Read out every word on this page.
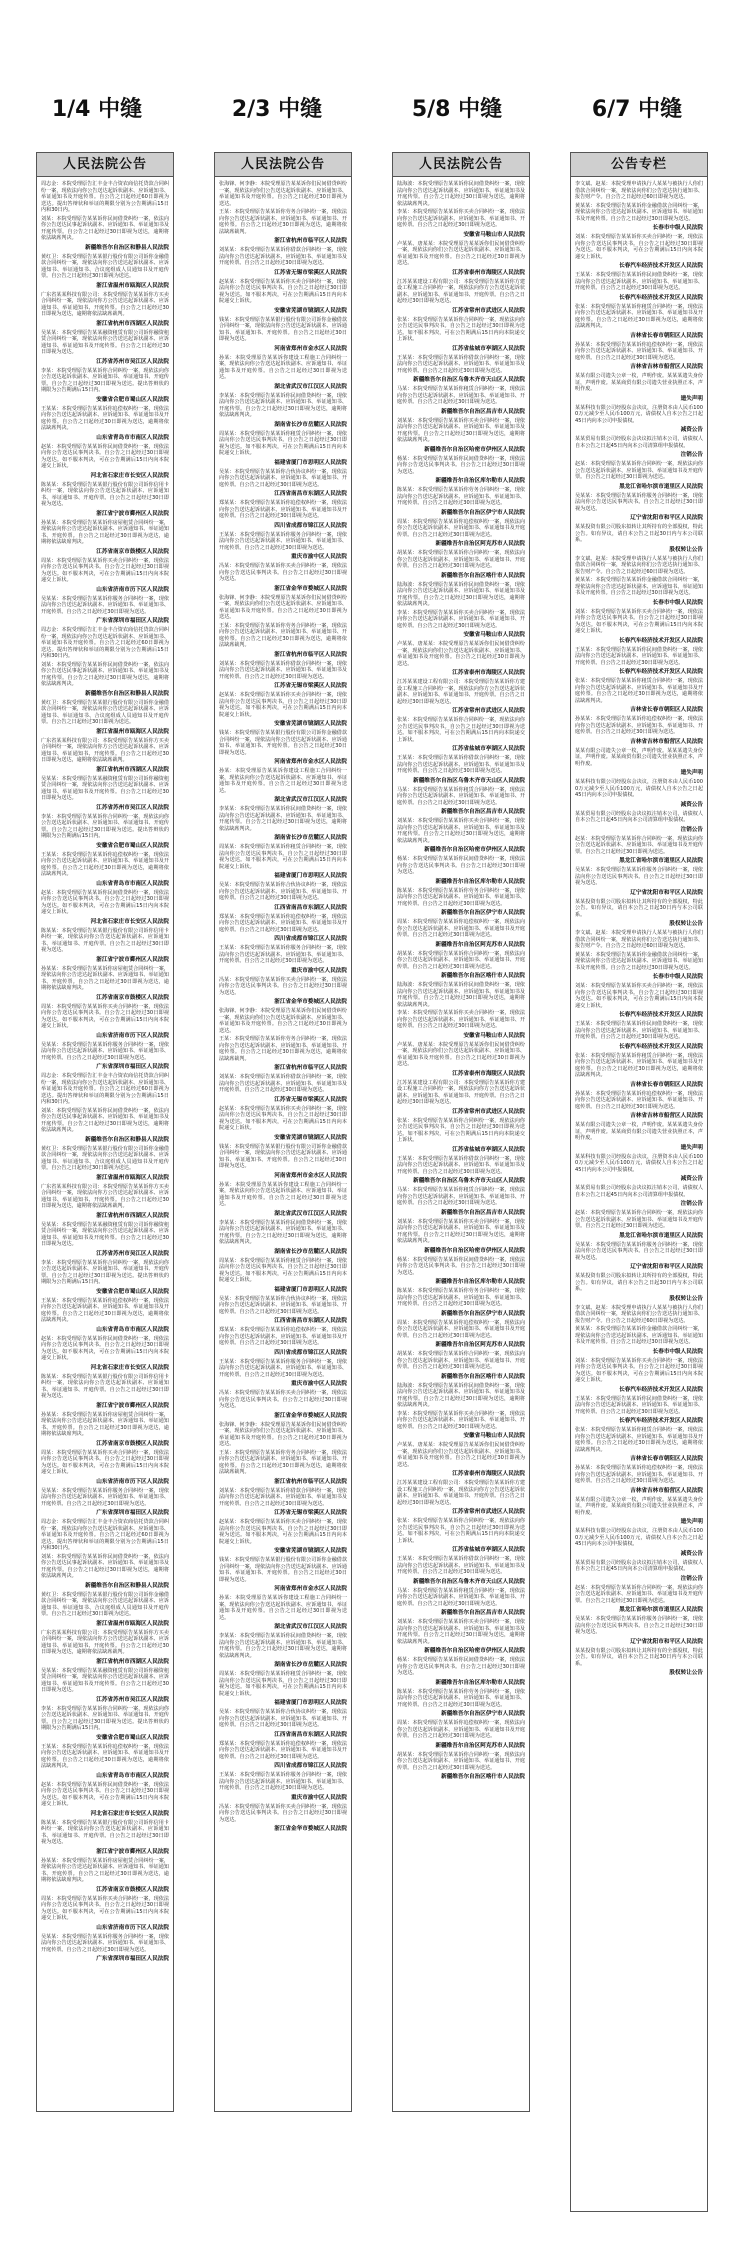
1/4 中缝	2/3 中缝	5/8 中缝	6/7 中缝
人民法院公告
周志金：本院受理原告汇丰金丰合资农商信托贷款合同纠纷一案，现依法向你公告送达起诉状副本、应诉通知书、举证通知书及开庭传票。自公告之日起经过60日即视为送达。提出答辩状和举证的期限分别为公告期满后15日内和30日内。
刘某：本院受理原告某某诉你民间借贷纠纷一案，依法向你公告送达民事起诉状副本、应诉通知书、举证通知书及开庭传票。自公告之日起经过30日即视为送达，逾期将依法缺席判决。
新疆维吾尔自治区和静县人民法院
黄红卫：本院受理原告某某银行股份有限公司诉你金融借款合同纠纷一案，现依法向你公告送达起诉状副本、应诉通知书、举证通知书、合议庭组成人员通知书及开庭传票。自公告之日起经过30日即视为送达。
浙江省温州市瓯海区人民法院
广东省某某科技有限公司：本院受理原告某某诉你方买卖合同纠纷一案，现依法向你方公告送达起诉状副本、应诉通知书、举证通知书、开庭传票。自公告之日起经过30日即视为送达，逾期将依法缺席裁判。
浙江省杭州市西湖区人民法院
吴某某：本院受理原告某某融资租赁有限公司诉你融资租赁合同纠纷一案，现依法向你公告送达起诉状副本、应诉通知书、举证通知书及开庭传票。自公告之日起经过30日即视为送达。
江苏省苏州市吴江区人民法院
李某：本院受理原告某某诉你合同纠纷一案，现依法向你公告送达起诉状副本、应诉通知书、举证通知书、开庭传票。自公告之日起经过30日即视为送达。提出答辩状的期限为公告期满后15日内。
安徽省合肥市蜀山区人民法院
王某某：本院受理原告某某诉你追偿权纠纷一案，现依法向你公告送达起诉状副本、应诉通知书、举证通知书及开庭传票。自公告之日起经过30日即视为送达，逾期将依法缺席判决。
山东省青岛市市南区人民法院
赵某：本院受理原告某某诉你民间借贷纠纷一案，现依法向你公告送达民事判决书。自公告之日起经过30日即视为送达。如不服本判决，可在公告期满后15日内向本院递交上诉状。
河北省石家庄市长安区人民法院
陈某某：本院受理原告某某银行股份有限公司诉你信用卡纠纷一案，现依法向你公告送达起诉状副本、应诉通知书、举证通知书、开庭传票。自公告之日起经过30日即视为送达。
浙江省宁波市鄞州区人民法院
孙某某：本院受理原告某某诉你房屋租赁合同纠纷一案，现依法向你公告送达起诉状副本、应诉通知书、举证通知书、开庭传票。自公告之日起经过30日即视为送达，逾期将依法缺席判决。
江苏省南京市鼓楼区人民法院
周某：本院受理原告某某诉你买卖合同纠纷一案，现依法向你公告送达民事判决书。自公告之日起经过30日即视为送达。如不服本判决，可在公告期满后15日内向本院递交上诉状。
山东省济南市历下区人民法院
吴某某：本院受理原告某某诉你服务合同纠纷一案，现依法向你公告送达起诉状副本、应诉通知书、举证通知书、开庭传票。自公告之日起经过30日即视为送达。
广东省深圳市福田区人民法院
周志金：本院受理原告汇丰金丰合资农商信托贷款合同纠纷一案，现依法向你公告送达起诉状副本、应诉通知书、举证通知书及开庭传票。自公告之日起经过60日即视为送达。提出答辩状和举证的期限分别为公告期满后15日内和30日内。
刘某：本院受理原告某某诉你民间借贷纠纷一案，依法向你公告送达民事起诉状副本、应诉通知书、举证通知书及开庭传票。自公告之日起经过30日即视为送达，逾期将依法缺席判决。
新疆维吾尔自治区和静县人民法院
黄红卫：本院受理原告某某银行股份有限公司诉你金融借款合同纠纷一案，现依法向你公告送达起诉状副本、应诉通知书、举证通知书、合议庭组成人员通知书及开庭传票。自公告之日起经过30日即视为送达。
浙江省温州市瓯海区人民法院
广东省某某科技有限公司：本院受理原告某某诉你方买卖合同纠纷一案，现依法向你方公告送达起诉状副本、应诉通知书、举证通知书、开庭传票。自公告之日起经过30日即视为送达，逾期将依法缺席裁判。
浙江省杭州市西湖区人民法院
吴某某：本院受理原告某某融资租赁有限公司诉你融资租赁合同纠纷一案，现依法向你公告送达起诉状副本、应诉通知书、举证通知书及开庭传票。自公告之日起经过30日即视为送达。
江苏省苏州市吴江区人民法院
李某：本院受理原告某某诉你合同纠纷一案，现依法向你公告送达起诉状副本、应诉通知书、举证通知书、开庭传票。自公告之日起经过30日即视为送达。提出答辩状的期限为公告期满后15日内。
安徽省合肥市蜀山区人民法院
王某某：本院受理原告某某诉你追偿权纠纷一案，现依法向你公告送达起诉状副本、应诉通知书、举证通知书及开庭传票。自公告之日起经过30日即视为送达，逾期将依法缺席判决。
山东省青岛市市南区人民法院
赵某：本院受理原告某某诉你民间借贷纠纷一案，现依法向你公告送达民事判决书。自公告之日起经过30日即视为送达。如不服本判决，可在公告期满后15日内向本院递交上诉状。
河北省石家庄市长安区人民法院
陈某某：本院受理原告某某银行股份有限公司诉你信用卡纠纷一案，现依法向你公告送达起诉状副本、应诉通知书、举证通知书、开庭传票。自公告之日起经过30日即视为送达。
浙江省宁波市鄞州区人民法院
孙某某：本院受理原告某某诉你房屋租赁合同纠纷一案，现依法向你公告送达起诉状副本、应诉通知书、举证通知书、开庭传票。自公告之日起经过30日即视为送达，逾期将依法缺席判决。
江苏省南京市鼓楼区人民法院
周某：本院受理原告某某诉你买卖合同纠纷一案，现依法向你公告送达民事判决书。自公告之日起经过30日即视为送达。如不服本判决，可在公告期满后15日内向本院递交上诉状。
山东省济南市历下区人民法院
吴某某：本院受理原告某某诉你服务合同纠纷一案，现依法向你公告送达起诉状副本、应诉通知书、举证通知书、开庭传票。自公告之日起经过30日即视为送达。
广东省深圳市福田区人民法院
周志金：本院受理原告汇丰金丰合资农商信托贷款合同纠纷一案，现依法向你公告送达起诉状副本、应诉通知书、举证通知书及开庭传票。自公告之日起经过60日即视为送达。提出答辩状和举证的期限分别为公告期满后15日内和30日内。
刘某：本院受理原告某某诉你民间借贷纠纷一案，依法向你公告送达民事起诉状副本、应诉通知书、举证通知书及开庭传票。自公告之日起经过30日即视为送达，逾期将依法缺席判决。
新疆维吾尔自治区和静县人民法院
黄红卫：本院受理原告某某银行股份有限公司诉你金融借款合同纠纷一案，现依法向你公告送达起诉状副本、应诉通知书、举证通知书、合议庭组成人员通知书及开庭传票。自公告之日起经过30日即视为送达。
浙江省温州市瓯海区人民法院
广东省某某科技有限公司：本院受理原告某某诉你方买卖合同纠纷一案，现依法向你方公告送达起诉状副本、应诉通知书、举证通知书、开庭传票。自公告之日起经过30日即视为送达，逾期将依法缺席裁判。
浙江省杭州市西湖区人民法院
吴某某：本院受理原告某某融资租赁有限公司诉你融资租赁合同纠纷一案，现依法向你公告送达起诉状副本、应诉通知书、举证通知书及开庭传票。自公告之日起经过30日即视为送达。
江苏省苏州市吴江区人民法院
李某：本院受理原告某某诉你合同纠纷一案，现依法向你公告送达起诉状副本、应诉通知书、举证通知书、开庭传票。自公告之日起经过30日即视为送达。提出答辩状的期限为公告期满后15日内。
安徽省合肥市蜀山区人民法院
王某某：本院受理原告某某诉你追偿权纠纷一案，现依法向你公告送达起诉状副本、应诉通知书、举证通知书及开庭传票。自公告之日起经过30日即视为送达，逾期将依法缺席判决。
山东省青岛市市南区人民法院
赵某：本院受理原告某某诉你民间借贷纠纷一案，现依法向你公告送达民事判决书。自公告之日起经过30日即视为送达。如不服本判决，可在公告期满后15日内向本院递交上诉状。
河北省石家庄市长安区人民法院
陈某某：本院受理原告某某银行股份有限公司诉你信用卡纠纷一案，现依法向你公告送达起诉状副本、应诉通知书、举证通知书、开庭传票。自公告之日起经过30日即视为送达。
浙江省宁波市鄞州区人民法院
孙某某：本院受理原告某某诉你房屋租赁合同纠纷一案，现依法向你公告送达起诉状副本、应诉通知书、举证通知书、开庭传票。自公告之日起经过30日即视为送达，逾期将依法缺席判决。
江苏省南京市鼓楼区人民法院
周某：本院受理原告某某诉你买卖合同纠纷一案，现依法向你公告送达民事判决书。自公告之日起经过30日即视为送达。如不服本判决，可在公告期满后15日内向本院递交上诉状。
山东省济南市历下区人民法院
吴某某：本院受理原告某某诉你服务合同纠纷一案，现依法向你公告送达起诉状副本、应诉通知书、举证通知书、开庭传票。自公告之日起经过30日即视为送达。
广东省深圳市福田区人民法院
周志金：本院受理原告汇丰金丰合资农商信托贷款合同纠纷一案，现依法向你公告送达起诉状副本、应诉通知书、举证通知书及开庭传票。自公告之日起经过60日即视为送达。提出答辩状和举证的期限分别为公告期满后15日内和30日内。
刘某：本院受理原告某某诉你民间借贷纠纷一案，依法向你公告送达民事起诉状副本、应诉通知书、举证通知书及开庭传票。自公告之日起经过30日即视为送达，逾期将依法缺席判决。
新疆维吾尔自治区和静县人民法院
黄红卫：本院受理原告某某银行股份有限公司诉你金融借款合同纠纷一案，现依法向你公告送达起诉状副本、应诉通知书、举证通知书、合议庭组成人员通知书及开庭传票。自公告之日起经过30日即视为送达。
浙江省温州市瓯海区人民法院
广东省某某科技有限公司：本院受理原告某某诉你方买卖合同纠纷一案，现依法向你方公告送达起诉状副本、应诉通知书、举证通知书、开庭传票。自公告之日起经过30日即视为送达，逾期将依法缺席裁判。
浙江省杭州市西湖区人民法院
吴某某：本院受理原告某某融资租赁有限公司诉你融资租赁合同纠纷一案，现依法向你公告送达起诉状副本、应诉通知书、举证通知书及开庭传票。自公告之日起经过30日即视为送达。
江苏省苏州市吴江区人民法院
李某：本院受理原告某某诉你合同纠纷一案，现依法向你公告送达起诉状副本、应诉通知书、举证通知书、开庭传票。自公告之日起经过30日即视为送达。提出答辩状的期限为公告期满后15日内。
安徽省合肥市蜀山区人民法院
王某某：本院受理原告某某诉你追偿权纠纷一案，现依法向你公告送达起诉状副本、应诉通知书、举证通知书及开庭传票。自公告之日起经过30日即视为送达，逾期将依法缺席判决。
山东省青岛市市南区人民法院
赵某：本院受理原告某某诉你民间借贷纠纷一案，现依法向你公告送达民事判决书。自公告之日起经过30日即视为送达。如不服本判决，可在公告期满后15日内向本院递交上诉状。
河北省石家庄市长安区人民法院
陈某某：本院受理原告某某银行股份有限公司诉你信用卡纠纷一案，现依法向你公告送达起诉状副本、应诉通知书、举证通知书、开庭传票。自公告之日起经过30日即视为送达。
浙江省宁波市鄞州区人民法院
孙某某：本院受理原告某某诉你房屋租赁合同纠纷一案，现依法向你公告送达起诉状副本、应诉通知书、举证通知书、开庭传票。自公告之日起经过30日即视为送达，逾期将依法缺席判决。
江苏省南京市鼓楼区人民法院
周某：本院受理原告某某诉你买卖合同纠纷一案，现依法向你公告送达民事判决书。自公告之日起经过30日即视为送达。如不服本判决，可在公告期满后15日内向本院递交上诉状。
山东省济南市历下区人民法院
吴某某：本院受理原告某某诉你服务合同纠纷一案，现依法向你公告送达起诉状副本、应诉通知书、举证通知书、开庭传票。自公告之日起经过30日即视为送达。
广东省深圳市福田区人民法院
人民法院公告
张海锋、何李静：本院受理原告某某诉你们民间借贷纠纷一案，现依法向你们公告送达起诉状副本、应诉通知书、举证通知书及开庭传票。自公告之日起经过30日即视为送达。
王某：本院受理原告某某诉你劳务合同纠纷一案，现依法向你公告送达起诉状副本、应诉通知书、举证通知书、开庭传票。自公告之日起经过30日即视为送达，逾期将依法缺席裁判。
浙江省杭州市临平区人民法院
刘某某：本院受理原告某某诉你借款合同纠纷一案，现依法向你公告送达起诉状副本、应诉通知书、举证通知书及开庭传票。自公告之日起经过30日即视为送达。
江苏省无锡市梁溪区人民法院
赵某某：本院受理原告某某诉你买卖合同纠纷一案，现依法向你公告送达民事判决书。自公告之日起经过30日即视为送达。如不服本判决，可在公告期满后15日内向本院递交上诉状。
安徽省芜湖市镜湖区人民法院
钱某：本院受理原告某某银行股份有限公司诉你金融借款合同纠纷一案，现依法向你公告送达起诉状副本、应诉通知书、举证通知书、开庭传票。自公告之日起经过30日即视为送达。
河南省郑州市金水区人民法院
孙某：本院受理原告某某诉你建设工程施工合同纠纷一案，现依法向你公告送达起诉状副本、应诉通知书、举证通知书及开庭传票。自公告之日起经过30日即视为送达。
湖北省武汉市江汉区人民法院
李某某：本院受理原告某某诉你民间借贷纠纷一案，现依法向你公告送达起诉状副本、应诉通知书、举证通知书、开庭传票。自公告之日起经过30日即视为送达，逾期将依法缺席判决。
湖南省长沙市岳麓区人民法院
周某某：本院受理原告某某诉你租赁合同纠纷一案，现依法向你公告送达民事判决书。自公告之日起经过30日即视为送达。如不服本判决，可在公告期满后15日内向本院递交上诉状。
福建省厦门市思明区人民法院
吴某：本院受理原告某某诉你合伙协议纠纷一案，现依法向你公告送达起诉状副本、应诉通知书、举证通知书、开庭传票。自公告之日起经过30日即视为送达。
江西省南昌市东湖区人民法院
郑某某：本院受理原告某某诉你追偿权纠纷一案，现依法向你公告送达起诉状副本、应诉通知书、举证通知书及开庭传票。自公告之日起经过30日即视为送达。
四川省成都市锦江区人民法院
王某某：本院受理原告某某诉你服务合同纠纷一案，现依法向你公告送达起诉状副本、应诉通知书、举证通知书、开庭传票。自公告之日起经过30日即视为送达。
重庆市渝中区人民法院
冯某：本院受理原告某某诉你买卖合同纠纷一案，现依法向你公告送达民事判决书。自公告之日起经过30日即视为送达。
浙江省金华市婺城区人民法院
张海锋、何李静：本院受理原告某某诉你们民间借贷纠纷一案，现依法向你们公告送达起诉状副本、应诉通知书、举证通知书及开庭传票。自公告之日起经过30日即视为送达。
王某：本院受理原告某某诉你劳务合同纠纷一案，现依法向你公告送达起诉状副本、应诉通知书、举证通知书、开庭传票。自公告之日起经过30日即视为送达，逾期将依法缺席裁判。
浙江省杭州市临平区人民法院
刘某某：本院受理原告某某诉你借款合同纠纷一案，现依法向你公告送达起诉状副本、应诉通知书、举证通知书及开庭传票。自公告之日起经过30日即视为送达。
江苏省无锡市梁溪区人民法院
赵某某：本院受理原告某某诉你买卖合同纠纷一案，现依法向你公告送达民事判决书。自公告之日起经过30日即视为送达。如不服本判决，可在公告期满后15日内向本院递交上诉状。
安徽省芜湖市镜湖区人民法院
钱某：本院受理原告某某银行股份有限公司诉你金融借款合同纠纷一案，现依法向你公告送达起诉状副本、应诉通知书、举证通知书、开庭传票。自公告之日起经过30日即视为送达。
河南省郑州市金水区人民法院
孙某：本院受理原告某某诉你建设工程施工合同纠纷一案，现依法向你公告送达起诉状副本、应诉通知书、举证通知书及开庭传票。自公告之日起经过30日即视为送达。
湖北省武汉市江汉区人民法院
李某某：本院受理原告某某诉你民间借贷纠纷一案，现依法向你公告送达起诉状副本、应诉通知书、举证通知书、开庭传票。自公告之日起经过30日即视为送达，逾期将依法缺席判决。
湖南省长沙市岳麓区人民法院
周某某：本院受理原告某某诉你租赁合同纠纷一案，现依法向你公告送达民事判决书。自公告之日起经过30日即视为送达。如不服本判决，可在公告期满后15日内向本院递交上诉状。
福建省厦门市思明区人民法院
吴某：本院受理原告某某诉你合伙协议纠纷一案，现依法向你公告送达起诉状副本、应诉通知书、举证通知书、开庭传票。自公告之日起经过30日即视为送达。
江西省南昌市东湖区人民法院
郑某某：本院受理原告某某诉你追偿权纠纷一案，现依法向你公告送达起诉状副本、应诉通知书、举证通知书及开庭传票。自公告之日起经过30日即视为送达。
四川省成都市锦江区人民法院
王某某：本院受理原告某某诉你服务合同纠纷一案，现依法向你公告送达起诉状副本、应诉通知书、举证通知书、开庭传票。自公告之日起经过30日即视为送达。
重庆市渝中区人民法院
冯某：本院受理原告某某诉你买卖合同纠纷一案，现依法向你公告送达民事判决书。自公告之日起经过30日即视为送达。
浙江省金华市婺城区人民法院
张海锋、何李静：本院受理原告某某诉你们民间借贷纠纷一案，现依法向你们公告送达起诉状副本、应诉通知书、举证通知书及开庭传票。自公告之日起经过30日即视为送达。
王某：本院受理原告某某诉你劳务合同纠纷一案，现依法向你公告送达起诉状副本、应诉通知书、举证通知书、开庭传票。自公告之日起经过30日即视为送达，逾期将依法缺席裁判。
浙江省杭州市临平区人民法院
刘某某：本院受理原告某某诉你借款合同纠纷一案，现依法向你公告送达起诉状副本、应诉通知书、举证通知书及开庭传票。自公告之日起经过30日即视为送达。
江苏省无锡市梁溪区人民法院
赵某某：本院受理原告某某诉你买卖合同纠纷一案，现依法向你公告送达民事判决书。自公告之日起经过30日即视为送达。如不服本判决，可在公告期满后15日内向本院递交上诉状。
安徽省芜湖市镜湖区人民法院
钱某：本院受理原告某某银行股份有限公司诉你金融借款合同纠纷一案，现依法向你公告送达起诉状副本、应诉通知书、举证通知书、开庭传票。自公告之日起经过30日即视为送达。
河南省郑州市金水区人民法院
孙某：本院受理原告某某诉你建设工程施工合同纠纷一案，现依法向你公告送达起诉状副本、应诉通知书、举证通知书及开庭传票。自公告之日起经过30日即视为送达。
湖北省武汉市江汉区人民法院
李某某：本院受理原告某某诉你民间借贷纠纷一案，现依法向你公告送达起诉状副本、应诉通知书、举证通知书、开庭传票。自公告之日起经过30日即视为送达，逾期将依法缺席判决。
湖南省长沙市岳麓区人民法院
周某某：本院受理原告某某诉你租赁合同纠纷一案，现依法向你公告送达民事判决书。自公告之日起经过30日即视为送达。如不服本判决，可在公告期满后15日内向本院递交上诉状。
福建省厦门市思明区人民法院
吴某：本院受理原告某某诉你合伙协议纠纷一案，现依法向你公告送达起诉状副本、应诉通知书、举证通知书、开庭传票。自公告之日起经过30日即视为送达。
江西省南昌市东湖区人民法院
郑某某：本院受理原告某某诉你追偿权纠纷一案，现依法向你公告送达起诉状副本、应诉通知书、举证通知书及开庭传票。自公告之日起经过30日即视为送达。
四川省成都市锦江区人民法院
王某某：本院受理原告某某诉你服务合同纠纷一案，现依法向你公告送达起诉状副本、应诉通知书、举证通知书、开庭传票。自公告之日起经过30日即视为送达。
重庆市渝中区人民法院
冯某：本院受理原告某某诉你买卖合同纠纷一案，现依法向你公告送达民事判决书。自公告之日起经过30日即视为送达。
浙江省金华市婺城区人民法院
张海锋、何李静：本院受理原告某某诉你们民间借贷纠纷一案，现依法向你们公告送达起诉状副本、应诉通知书、举证通知书及开庭传票。自公告之日起经过30日即视为送达。
王某：本院受理原告某某诉你劳务合同纠纷一案，现依法向你公告送达起诉状副本、应诉通知书、举证通知书、开庭传票。自公告之日起经过30日即视为送达，逾期将依法缺席裁判。
浙江省杭州市临平区人民法院
刘某某：本院受理原告某某诉你借款合同纠纷一案，现依法向你公告送达起诉状副本、应诉通知书、举证通知书及开庭传票。自公告之日起经过30日即视为送达。
江苏省无锡市梁溪区人民法院
赵某某：本院受理原告某某诉你买卖合同纠纷一案，现依法向你公告送达民事判决书。自公告之日起经过30日即视为送达。如不服本判决，可在公告期满后15日内向本院递交上诉状。
安徽省芜湖市镜湖区人民法院
钱某：本院受理原告某某银行股份有限公司诉你金融借款合同纠纷一案，现依法向你公告送达起诉状副本、应诉通知书、举证通知书、开庭传票。自公告之日起经过30日即视为送达。
河南省郑州市金水区人民法院
孙某：本院受理原告某某诉你建设工程施工合同纠纷一案，现依法向你公告送达起诉状副本、应诉通知书、举证通知书及开庭传票。自公告之日起经过30日即视为送达。
湖北省武汉市江汉区人民法院
李某某：本院受理原告某某诉你民间借贷纠纷一案，现依法向你公告送达起诉状副本、应诉通知书、举证通知书、开庭传票。自公告之日起经过30日即视为送达，逾期将依法缺席判决。
湖南省长沙市岳麓区人民法院
周某某：本院受理原告某某诉你租赁合同纠纷一案，现依法向你公告送达民事判决书。自公告之日起经过30日即视为送达。如不服本判决，可在公告期满后15日内向本院递交上诉状。
福建省厦门市思明区人民法院
吴某：本院受理原告某某诉你合伙协议纠纷一案，现依法向你公告送达起诉状副本、应诉通知书、举证通知书、开庭传票。自公告之日起经过30日即视为送达。
江西省南昌市东湖区人民法院
郑某某：本院受理原告某某诉你追偿权纠纷一案，现依法向你公告送达起诉状副本、应诉通知书、举证通知书及开庭传票。自公告之日起经过30日即视为送达。
四川省成都市锦江区人民法院
王某某：本院受理原告某某诉你服务合同纠纷一案，现依法向你公告送达起诉状副本、应诉通知书、举证通知书、开庭传票。自公告之日起经过30日即视为送达。
重庆市渝中区人民法院
冯某：本院受理原告某某诉你买卖合同纠纷一案，现依法向你公告送达民事判决书。自公告之日起经过30日即视为送达。
浙江省金华市婺城区人民法院
人民法院公告
陆海波：本院受理原告某某诉你民间借贷纠纷一案，现依法向你公告送达起诉状副本、应诉通知书、举证通知书及开庭传票。自公告之日起经过30日即视为送达，逾期将依法缺席判决。
李某：本院受理原告某某诉你买卖合同纠纷一案，现依法向你公告送达起诉状副本、应诉通知书、举证通知书、开庭传票。自公告之日起经过30日即视为送达。
安徽省马鞍山市人民法院
卢某某、唐某某：本院受理原告某某诉你们民间借贷纠纷一案，现依法向你们公告送达起诉状副本、应诉通知书、举证通知书及开庭传票。自公告之日起经过30日即视为送达。
江苏省泰州市海陵区人民法院
江苏某某建设工程有限公司：本院受理原告某某诉你方建设工程施工合同纠纷一案，现依法向你方公告送达起诉状副本、应诉通知书、举证通知书、开庭传票。自公告之日起经过30日即视为送达。
江苏省常州市武进区人民法院
张某：本院受理原告某某诉你合同纠纷一案，现依法向你公告送达民事判决书。自公告之日起经过30日即视为送达。如不服本判决，可在公告期满后15日内向本院递交上诉状。
江苏省盐城市亭湖区人民法院
王某某：本院受理原告某某诉你借款合同纠纷一案，现依法向你公告送达起诉状副本、应诉通知书、举证通知书及开庭传票。自公告之日起经过30日即视为送达。
新疆维吾尔自治区乌鲁木齐市天山区人民法院
马某：本院受理原告某某诉你租赁合同纠纷一案，现依法向你公告送达起诉状副本、应诉通知书、举证通知书、开庭传票。自公告之日起经过30日即视为送达。
新疆维吾尔自治区昌吉市人民法院
刘某某：本院受理原告某某诉你买卖合同纠纷一案，现依法向你公告送达起诉状副本、应诉通知书、举证通知书及开庭传票。自公告之日起经过30日即视为送达，逾期将依法缺席判决。
新疆维吾尔自治区哈密市伊州区人民法院
杨某：本院受理原告某某诉你民间借贷纠纷一案，现依法向你公告送达民事判决书。自公告之日起经过30日即视为送达。
新疆维吾尔自治区库尔勒市人民法院
陈某某：本院受理原告某某诉你劳务合同纠纷一案，现依法向你公告送达起诉状副本、应诉通知书、举证通知书、开庭传票。自公告之日起经过30日即视为送达。
新疆维吾尔自治区伊宁市人民法院
周某：本院受理原告某某诉你追偿权纠纷一案，现依法向你公告送达起诉状副本、应诉通知书、举证通知书及开庭传票。自公告之日起经过30日即视为送达。
新疆维吾尔自治区阿克苏市人民法院
胡某某：本院受理原告某某诉你合同纠纷一案，现依法向你公告送达起诉状副本、应诉通知书、举证通知书、开庭传票。自公告之日起经过30日即视为送达。
新疆维吾尔自治区喀什市人民法院
陆海波：本院受理原告某某诉你民间借贷纠纷一案，现依法向你公告送达起诉状副本、应诉通知书、举证通知书及开庭传票。自公告之日起经过30日即视为送达，逾期将依法缺席判决。
李某：本院受理原告某某诉你买卖合同纠纷一案，现依法向你公告送达起诉状副本、应诉通知书、举证通知书、开庭传票。自公告之日起经过30日即视为送达。
安徽省马鞍山市人民法院
卢某某、唐某某：本院受理原告某某诉你们民间借贷纠纷一案，现依法向你们公告送达起诉状副本、应诉通知书、举证通知书及开庭传票。自公告之日起经过30日即视为送达。
江苏省泰州市海陵区人民法院
江苏某某建设工程有限公司：本院受理原告某某诉你方建设工程施工合同纠纷一案，现依法向你方公告送达起诉状副本、应诉通知书、举证通知书、开庭传票。自公告之日起经过30日即视为送达。
江苏省常州市武进区人民法院
张某：本院受理原告某某诉你合同纠纷一案，现依法向你公告送达民事判决书。自公告之日起经过30日即视为送达。如不服本判决，可在公告期满后15日内向本院递交上诉状。
江苏省盐城市亭湖区人民法院
王某某：本院受理原告某某诉你借款合同纠纷一案，现依法向你公告送达起诉状副本、应诉通知书、举证通知书及开庭传票。自公告之日起经过30日即视为送达。
新疆维吾尔自治区乌鲁木齐市天山区人民法院
马某：本院受理原告某某诉你租赁合同纠纷一案，现依法向你公告送达起诉状副本、应诉通知书、举证通知书、开庭传票。自公告之日起经过30日即视为送达。
新疆维吾尔自治区昌吉市人民法院
刘某某：本院受理原告某某诉你买卖合同纠纷一案，现依法向你公告送达起诉状副本、应诉通知书、举证通知书及开庭传票。自公告之日起经过30日即视为送达，逾期将依法缺席判决。
新疆维吾尔自治区哈密市伊州区人民法院
杨某：本院受理原告某某诉你民间借贷纠纷一案，现依法向你公告送达民事判决书。自公告之日起经过30日即视为送达。
新疆维吾尔自治区库尔勒市人民法院
陈某某：本院受理原告某某诉你劳务合同纠纷一案，现依法向你公告送达起诉状副本、应诉通知书、举证通知书、开庭传票。自公告之日起经过30日即视为送达。
新疆维吾尔自治区伊宁市人民法院
周某：本院受理原告某某诉你追偿权纠纷一案，现依法向你公告送达起诉状副本、应诉通知书、举证通知书及开庭传票。自公告之日起经过30日即视为送达。
新疆维吾尔自治区阿克苏市人民法院
胡某某：本院受理原告某某诉你合同纠纷一案，现依法向你公告送达起诉状副本、应诉通知书、举证通知书、开庭传票。自公告之日起经过30日即视为送达。
新疆维吾尔自治区喀什市人民法院
陆海波：本院受理原告某某诉你民间借贷纠纷一案，现依法向你公告送达起诉状副本、应诉通知书、举证通知书及开庭传票。自公告之日起经过30日即视为送达，逾期将依法缺席判决。
李某：本院受理原告某某诉你买卖合同纠纷一案，现依法向你公告送达起诉状副本、应诉通知书、举证通知书、开庭传票。自公告之日起经过30日即视为送达。
安徽省马鞍山市人民法院
卢某某、唐某某：本院受理原告某某诉你们民间借贷纠纷一案，现依法向你们公告送达起诉状副本、应诉通知书、举证通知书及开庭传票。自公告之日起经过30日即视为送达。
江苏省泰州市海陵区人民法院
江苏某某建设工程有限公司：本院受理原告某某诉你方建设工程施工合同纠纷一案，现依法向你方公告送达起诉状副本、应诉通知书、举证通知书、开庭传票。自公告之日起经过30日即视为送达。
江苏省常州市武进区人民法院
张某：本院受理原告某某诉你合同纠纷一案，现依法向你公告送达民事判决书。自公告之日起经过30日即视为送达。如不服本判决，可在公告期满后15日内向本院递交上诉状。
江苏省盐城市亭湖区人民法院
王某某：本院受理原告某某诉你借款合同纠纷一案，现依法向你公告送达起诉状副本、应诉通知书、举证通知书及开庭传票。自公告之日起经过30日即视为送达。
新疆维吾尔自治区乌鲁木齐市天山区人民法院
马某：本院受理原告某某诉你租赁合同纠纷一案，现依法向你公告送达起诉状副本、应诉通知书、举证通知书、开庭传票。自公告之日起经过30日即视为送达。
新疆维吾尔自治区昌吉市人民法院
刘某某：本院受理原告某某诉你买卖合同纠纷一案，现依法向你公告送达起诉状副本、应诉通知书、举证通知书及开庭传票。自公告之日起经过30日即视为送达，逾期将依法缺席判决。
新疆维吾尔自治区哈密市伊州区人民法院
杨某：本院受理原告某某诉你民间借贷纠纷一案，现依法向你公告送达民事判决书。自公告之日起经过30日即视为送达。
新疆维吾尔自治区库尔勒市人民法院
陈某某：本院受理原告某某诉你劳务合同纠纷一案，现依法向你公告送达起诉状副本、应诉通知书、举证通知书、开庭传票。自公告之日起经过30日即视为送达。
新疆维吾尔自治区伊宁市人民法院
周某：本院受理原告某某诉你追偿权纠纷一案，现依法向你公告送达起诉状副本、应诉通知书、举证通知书及开庭传票。自公告之日起经过30日即视为送达。
新疆维吾尔自治区阿克苏市人民法院
胡某某：本院受理原告某某诉你合同纠纷一案，现依法向你公告送达起诉状副本、应诉通知书、举证通知书、开庭传票。自公告之日起经过30日即视为送达。
新疆维吾尔自治区喀什市人民法院
陆海波：本院受理原告某某诉你民间借贷纠纷一案，现依法向你公告送达起诉状副本、应诉通知书、举证通知书及开庭传票。自公告之日起经过30日即视为送达，逾期将依法缺席判决。
李某：本院受理原告某某诉你买卖合同纠纷一案，现依法向你公告送达起诉状副本、应诉通知书、举证通知书、开庭传票。自公告之日起经过30日即视为送达。
安徽省马鞍山市人民法院
卢某某、唐某某：本院受理原告某某诉你们民间借贷纠纷一案，现依法向你们公告送达起诉状副本、应诉通知书、举证通知书及开庭传票。自公告之日起经过30日即视为送达。
江苏省泰州市海陵区人民法院
江苏某某建设工程有限公司：本院受理原告某某诉你方建设工程施工合同纠纷一案，现依法向你方公告送达起诉状副本、应诉通知书、举证通知书、开庭传票。自公告之日起经过30日即视为送达。
江苏省常州市武进区人民法院
张某：本院受理原告某某诉你合同纠纷一案，现依法向你公告送达民事判决书。自公告之日起经过30日即视为送达。如不服本判决，可在公告期满后15日内向本院递交上诉状。
江苏省盐城市亭湖区人民法院
王某某：本院受理原告某某诉你借款合同纠纷一案，现依法向你公告送达起诉状副本、应诉通知书、举证通知书及开庭传票。自公告之日起经过30日即视为送达。
新疆维吾尔自治区乌鲁木齐市天山区人民法院
马某：本院受理原告某某诉你租赁合同纠纷一案，现依法向你公告送达起诉状副本、应诉通知书、举证通知书、开庭传票。自公告之日起经过30日即视为送达。
新疆维吾尔自治区昌吉市人民法院
刘某某：本院受理原告某某诉你买卖合同纠纷一案，现依法向你公告送达起诉状副本、应诉通知书、举证通知书及开庭传票。自公告之日起经过30日即视为送达，逾期将依法缺席判决。
新疆维吾尔自治区哈密市伊州区人民法院
杨某：本院受理原告某某诉你民间借贷纠纷一案，现依法向你公告送达民事判决书。自公告之日起经过30日即视为送达。
新疆维吾尔自治区库尔勒市人民法院
陈某某：本院受理原告某某诉你劳务合同纠纷一案，现依法向你公告送达起诉状副本、应诉通知书、举证通知书、开庭传票。自公告之日起经过30日即视为送达。
新疆维吾尔自治区伊宁市人民法院
周某：本院受理原告某某诉你追偿权纠纷一案，现依法向你公告送达起诉状副本、应诉通知书、举证通知书及开庭传票。自公告之日起经过30日即视为送达。
新疆维吾尔自治区阿克苏市人民法院
胡某某：本院受理原告某某诉你合同纠纷一案，现依法向你公告送达起诉状副本、应诉通知书、举证通知书、开庭传票。自公告之日起经过30日即视为送达。
新疆维吾尔自治区喀什市人民法院
公告专栏
李文斌、赵某：本院受理申请执行人某某与被执行人你们借款合同纠纷一案，现依法向你们公告送达执行通知书、报告财产令。自公告之日起经过60日即视为送达。
黄某某：本院受理原告某某诉你金融借款合同纠纷一案，现依法向你公告送达起诉状副本、应诉通知书、举证通知书及开庭传票。自公告之日起经过30日即视为送达。
长春市中级人民法院
刘某：本院受理原告某某诉你买卖合同纠纷一案，现依法向你公告送达民事判决书。自公告之日起经过30日即视为送达。如不服本判决，可在公告期满后15日内向本院递交上诉状。
长春汽车经济技术开发区人民法院
王某某：本院受理原告某某诉你民间借贷纠纷一案，现依法向你公告送达起诉状副本、应诉通知书、举证通知书、开庭传票。自公告之日起经过30日即视为送达。
长春汽车经济技术开发区人民法院
张某：本院受理原告某某诉你租赁合同纠纷一案，现依法向你公告送达起诉状副本、应诉通知书、举证通知书及开庭传票。自公告之日起经过30日即视为送达，逾期将依法缺席判决。
吉林省长春市朝阳区人民法院
孙某某：本院受理原告某某诉你追偿权纠纷一案，现依法向你公告送达起诉状副本、应诉通知书、举证通知书、开庭传票。自公告之日起经过30日即视为送达。
吉林省吉林市船营区人民法院
某某有限公司遗失公章一枚，声明作废。某某某遗失身份证，声明作废。某某商贸有限公司遗失营业执照正本，声明作废。
遗失声明
某某科技有限公司经股东会决议，注册资本由人民币1000万元减少至人民币100万元，请债权人自本公告之日起45日内向本公司申报债权。
减资公告
某某贸易有限公司经股东会决议拟注销本公司，请债权人自本公告之日起45日内向本公司清算组申报债权。
注销公告
赵某：本院受理原告某某诉你合同纠纷一案，现依法向你公告送达起诉状副本、应诉通知书、举证通知书及开庭传票。自公告之日起经过30日即视为送达。
黑龙江省哈尔滨市道里区人民法院
吴某某：本院受理原告某某诉你服务合同纠纷一案，现依法向你公告送达民事判决书。自公告之日起经过30日即视为送达。
辽宁省沈阳市和平区人民法院
某某投资有限公司股东拟转让其所持有的全部股权，特此公告。如有异议，请自本公告之日起30日内与本公司联系。
股权转让公告
李文斌、赵某：本院受理申请执行人某某与被执行人你们借款合同纠纷一案，现依法向你们公告送达执行通知书、报告财产令。自公告之日起经过60日即视为送达。
黄某某：本院受理原告某某诉你金融借款合同纠纷一案，现依法向你公告送达起诉状副本、应诉通知书、举证通知书及开庭传票。自公告之日起经过30日即视为送达。
长春市中级人民法院
刘某：本院受理原告某某诉你买卖合同纠纷一案，现依法向你公告送达民事判决书。自公告之日起经过30日即视为送达。如不服本判决，可在公告期满后15日内向本院递交上诉状。
长春汽车经济技术开发区人民法院
王某某：本院受理原告某某诉你民间借贷纠纷一案，现依法向你公告送达起诉状副本、应诉通知书、举证通知书、开庭传票。自公告之日起经过30日即视为送达。
长春汽车经济技术开发区人民法院
张某：本院受理原告某某诉你租赁合同纠纷一案，现依法向你公告送达起诉状副本、应诉通知书、举证通知书及开庭传票。自公告之日起经过30日即视为送达，逾期将依法缺席判决。
吉林省长春市朝阳区人民法院
孙某某：本院受理原告某某诉你追偿权纠纷一案，现依法向你公告送达起诉状副本、应诉通知书、举证通知书、开庭传票。自公告之日起经过30日即视为送达。
吉林省吉林市船营区人民法院
某某有限公司遗失公章一枚，声明作废。某某某遗失身份证，声明作废。某某商贸有限公司遗失营业执照正本，声明作废。
遗失声明
某某科技有限公司经股东会决议，注册资本由人民币1000万元减少至人民币100万元，请债权人自本公告之日起45日内向本公司申报债权。
减资公告
某某贸易有限公司经股东会决议拟注销本公司，请债权人自本公告之日起45日内向本公司清算组申报债权。
注销公告
赵某：本院受理原告某某诉你合同纠纷一案，现依法向你公告送达起诉状副本、应诉通知书、举证通知书及开庭传票。自公告之日起经过30日即视为送达。
黑龙江省哈尔滨市道里区人民法院
吴某某：本院受理原告某某诉你服务合同纠纷一案，现依法向你公告送达民事判决书。自公告之日起经过30日即视为送达。
辽宁省沈阳市和平区人民法院
某某投资有限公司股东拟转让其所持有的全部股权，特此公告。如有异议，请自本公告之日起30日内与本公司联系。
股权转让公告
李文斌、赵某：本院受理申请执行人某某与被执行人你们借款合同纠纷一案，现依法向你们公告送达执行通知书、报告财产令。自公告之日起经过60日即视为送达。
黄某某：本院受理原告某某诉你金融借款合同纠纷一案，现依法向你公告送达起诉状副本、应诉通知书、举证通知书及开庭传票。自公告之日起经过30日即视为送达。
长春市中级人民法院
刘某：本院受理原告某某诉你买卖合同纠纷一案，现依法向你公告送达民事判决书。自公告之日起经过30日即视为送达。如不服本判决，可在公告期满后15日内向本院递交上诉状。
长春汽车经济技术开发区人民法院
王某某：本院受理原告某某诉你民间借贷纠纷一案，现依法向你公告送达起诉状副本、应诉通知书、举证通知书、开庭传票。自公告之日起经过30日即视为送达。
长春汽车经济技术开发区人民法院
张某：本院受理原告某某诉你租赁合同纠纷一案，现依法向你公告送达起诉状副本、应诉通知书、举证通知书及开庭传票。自公告之日起经过30日即视为送达，逾期将依法缺席判决。
吉林省长春市朝阳区人民法院
孙某某：本院受理原告某某诉你追偿权纠纷一案，现依法向你公告送达起诉状副本、应诉通知书、举证通知书、开庭传票。自公告之日起经过30日即视为送达。
吉林省吉林市船营区人民法院
某某有限公司遗失公章一枚，声明作废。某某某遗失身份证，声明作废。某某商贸有限公司遗失营业执照正本，声明作废。
遗失声明
某某科技有限公司经股东会决议，注册资本由人民币1000万元减少至人民币100万元，请债权人自本公告之日起45日内向本公司申报债权。
减资公告
某某贸易有限公司经股东会决议拟注销本公司，请债权人自本公告之日起45日内向本公司清算组申报债权。
注销公告
赵某：本院受理原告某某诉你合同纠纷一案，现依法向你公告送达起诉状副本、应诉通知书、举证通知书及开庭传票。自公告之日起经过30日即视为送达。
黑龙江省哈尔滨市道里区人民法院
吴某某：本院受理原告某某诉你服务合同纠纷一案，现依法向你公告送达民事判决书。自公告之日起经过30日即视为送达。
辽宁省沈阳市和平区人民法院
某某投资有限公司股东拟转让其所持有的全部股权，特此公告。如有异议，请自本公告之日起30日内与本公司联系。
股权转让公告
李文斌、赵某：本院受理申请执行人某某与被执行人你们借款合同纠纷一案，现依法向你们公告送达执行通知书、报告财产令。自公告之日起经过60日即视为送达。
黄某某：本院受理原告某某诉你金融借款合同纠纷一案，现依法向你公告送达起诉状副本、应诉通知书、举证通知书及开庭传票。自公告之日起经过30日即视为送达。
长春市中级人民法院
刘某：本院受理原告某某诉你买卖合同纠纷一案，现依法向你公告送达民事判决书。自公告之日起经过30日即视为送达。如不服本判决，可在公告期满后15日内向本院递交上诉状。
长春汽车经济技术开发区人民法院
王某某：本院受理原告某某诉你民间借贷纠纷一案，现依法向你公告送达起诉状副本、应诉通知书、举证通知书、开庭传票。自公告之日起经过30日即视为送达。
长春汽车经济技术开发区人民法院
张某：本院受理原告某某诉你租赁合同纠纷一案，现依法向你公告送达起诉状副本、应诉通知书、举证通知书及开庭传票。自公告之日起经过30日即视为送达，逾期将依法缺席判决。
吉林省长春市朝阳区人民法院
孙某某：本院受理原告某某诉你追偿权纠纷一案，现依法向你公告送达起诉状副本、应诉通知书、举证通知书、开庭传票。自公告之日起经过30日即视为送达。
吉林省吉林市船营区人民法院
某某有限公司遗失公章一枚，声明作废。某某某遗失身份证，声明作废。某某商贸有限公司遗失营业执照正本，声明作废。
遗失声明
某某科技有限公司经股东会决议，注册资本由人民币1000万元减少至人民币100万元，请债权人自本公告之日起45日内向本公司申报债权。
减资公告
某某贸易有限公司经股东会决议拟注销本公司，请债权人自本公告之日起45日内向本公司清算组申报债权。
注销公告
赵某：本院受理原告某某诉你合同纠纷一案，现依法向你公告送达起诉状副本、应诉通知书、举证通知书及开庭传票。自公告之日起经过30日即视为送达。
黑龙江省哈尔滨市道里区人民法院
吴某某：本院受理原告某某诉你服务合同纠纷一案，现依法向你公告送达民事判决书。自公告之日起经过30日即视为送达。
辽宁省沈阳市和平区人民法院
某某投资有限公司股东拟转让其所持有的全部股权，特此公告。如有异议，请自本公告之日起30日内与本公司联系。
股权转让公告
